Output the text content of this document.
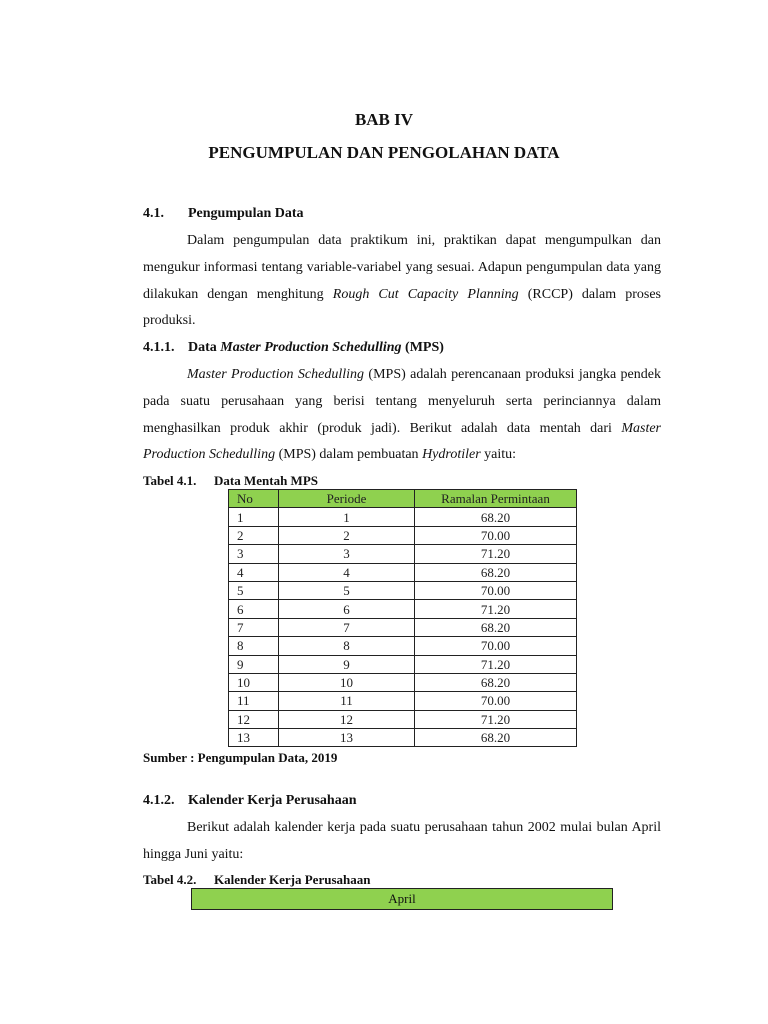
BAB IV
PENGUMPULAN DAN PENGOLAHAN DATA
4.1. Pengumpulan Data

Dalam pengumpulan data praktikum ini, praktikan dapat mengumpulkan dan mengukur informasi tentang variable-variabel yang sesuai. Adapun pengumpulan data yang dilakukan dengan menghitung Rough Cut Capacity Planning (RCCP) dalam proses produksi.

4.1.1. Data Master Production Schedulling (MPS)

Master Production Schedulling (MPS) adalah perencanaan produksi jangka pendek pada suatu perusahaan yang berisi tentang menyeluruh serta perinciannya dalam menghasilkan produk akhir (produk jadi). Berikut adalah data mentah dari Master Production Schedulling (MPS) dalam pembuatan Hydrotiler yaitu:

Tabel 4.1. Data Mentah MPS
No	Periode	Ramalan Permintaan
1	1	68.20
2	2	70.00
3	3	71.20
4	4	68.20
5	5	70.00
6	6	71.20
7	7	68.20
8	8	70.00
9	9	71.20
10	10	68.20
11	11	70.00
12	12	71.20
13	13	68.20
Sumber : Pengumpulan Data, 2019
4.1.2. Kalender Kerja Perusahaan

Berikut adalah kalender kerja pada suatu perusahaan tahun 2002 mulai bulan April hingga Juni yaitu:

Tabel 4.2. Kalender Kerja Perusahaan
April
